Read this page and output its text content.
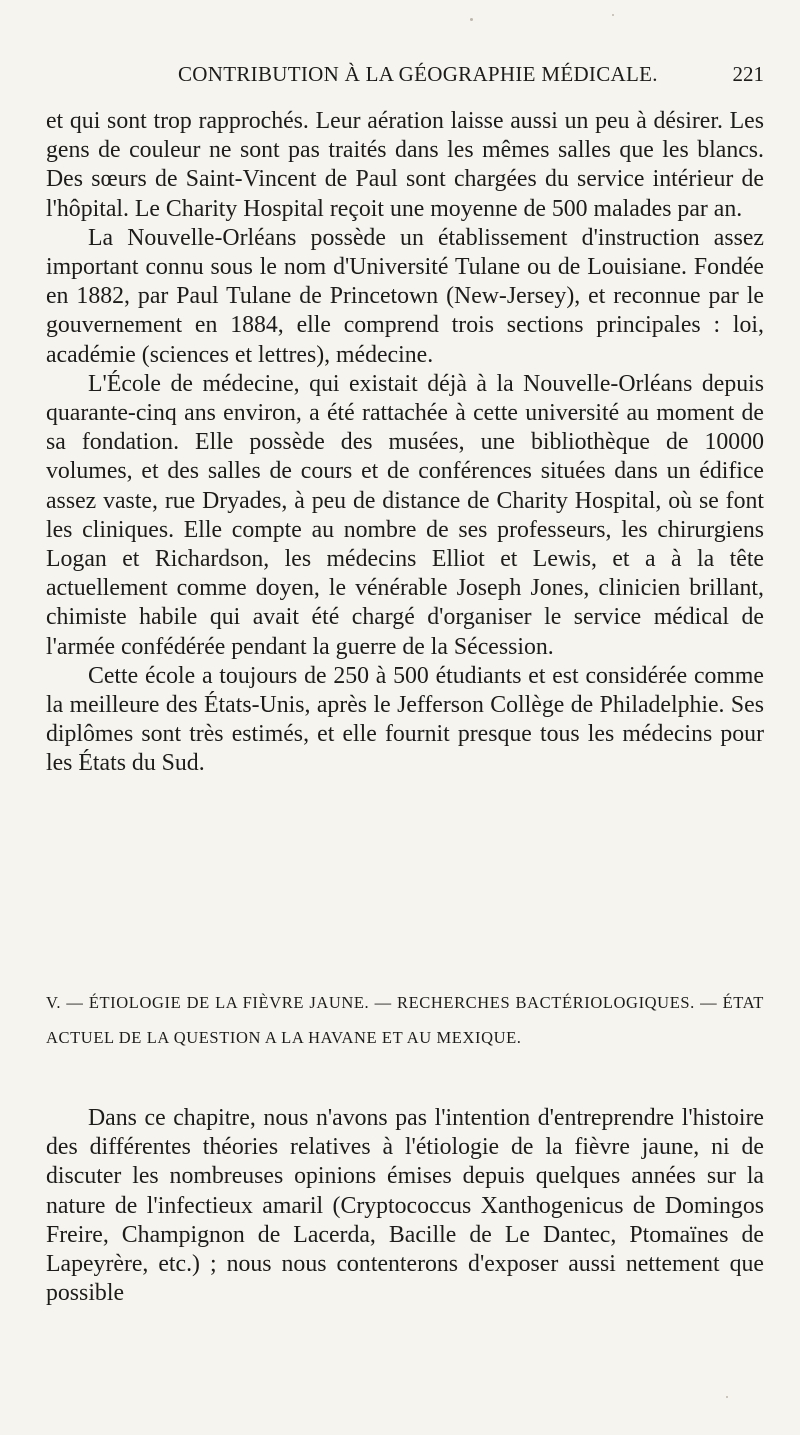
CONTRIBUTION À LA GÉOGRAPHIE MÉDICALE.	221

et qui sont trop rapprochés. Leur aération laisse aussi un peu à désirer. Les gens de couleur ne sont pas traités dans les mêmes salles que les blancs. Des sœurs de Saint-Vincent de Paul sont chargées du service intérieur de l'hôpital. Le Charity Hospital reçoit une moyenne de 500 malades par an.

La Nouvelle-Orléans possède un établissement d'instruction assez important connu sous le nom d'Université Tulane ou de Louisiane. Fondée en 1882, par Paul Tulane de Princetown (New-Jersey), et reconnue par le gouvernement en 1884, elle comprend trois sections principales : loi, académie (sciences et lettres), médecine.

L'École de médecine, qui existait déjà à la Nouvelle-Orléans depuis quarante-cinq ans environ, a été rattachée à cette université au moment de sa fondation. Elle possède des musées, une bibliothèque de 10000 volumes, et des salles de cours et de conférences situées dans un édifice assez vaste, rue Dryades, à peu de distance de Charity Hospital, où se font les cliniques. Elle compte au nombre de ses professeurs, les chirurgiens Logan et Richardson, les médecins Elliot et Lewis, et a à la tête actuellement comme doyen, le vénérable Joseph Jones, clinicien brillant, chimiste habile qui avait été chargé d'organiser le service médical de l'armée confédérée pendant la guerre de la Sécession.

Cette école a toujours de 250 à 500 étudiants et est considérée comme la meilleure des États-Unis, après le Jefferson Collège de Philadelphie. Ses diplômes sont très estimés, et elle fournit presque tous les médecins pour les États du Sud.

V. — ÉTIOLOGIE DE LA FIÈVRE JAUNE. — RECHERCHES BACTÉRIOLOGIQUES. — ÉTAT ACTUEL DE LA QUESTION A LA HAVANE ET AU MEXIQUE.

Dans ce chapitre, nous n'avons pas l'intention d'entreprendre l'histoire des différentes théories relatives à l'étiologie de la fièvre jaune, ni de discuter les nombreuses opinions émises depuis quelques années sur la nature de l'infectieux amaril (Cryptococcus Xanthogenicus de Domingos Freire, Champignon de Lacerda, Bacille de Le Dantec, Ptomaïnes de Lapeyrère, etc.) ; nous nous contenterons d'exposer aussi nettement que possible
